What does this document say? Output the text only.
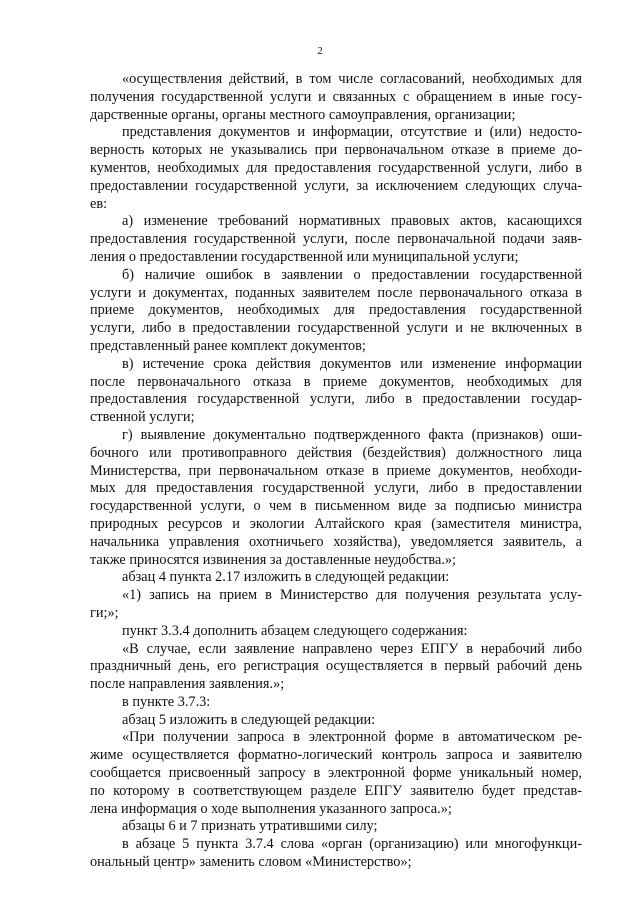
2
«осуществления действий, в том числе согласований, необходимых для
получения государственной услуги и связанных с обращением в иные госу-
дарственные органы, органы местного самоуправления, организации;
представления документов и информации, отсутствие и (или) недосто-
верность которых не указывались при первоначальном отказе в приеме до-
кументов, необходимых для предоставления государственной услуги, либо в
предоставлении государственной услуги, за исключением следующих случа-
ев:
а) изменение требований нормативных правовых актов, касающихся
предоставления государственной услуги, после первоначальной подачи заяв-
ления о предоставлении государственной или муниципальной услуги;
б) наличие ошибок в заявлении о предоставлении государственной
услуги и документах, поданных заявителем после первоначального отказа в
приеме документов, необходимых для предоставления государственной
услуги, либо в предоставлении государственной услуги и не включенных в
представленный ранее комплект документов;
в) истечение срока действия документов или изменение информации
после первоначального отказа в приеме документов, необходимых для
предоставления государственной услуги, либо в предоставлении государ-
ственной услуги;
г) выявление документально подтвержденного факта (признаков) оши-
бочного или противоправного действия (бездействия) должностного лица
Министерства, при первоначальном отказе в приеме документов, необходи-
мых для предоставления государственной услуги, либо в предоставлении
государственной услуги, о чем в письменном виде за подписью министра
природных ресурсов и экологии Алтайского края (заместителя министра,
начальника управления охотничьего хозяйства), уведомляется заявитель, а
также приносятся извинения за доставленные неудобства.»;
абзац 4 пункта 2.17 изложить в следующей редакции:
«1) запись на прием в Министерство для получения результата услу-
ги;»;
пункт 3.3.4 дополнить абзацем следующего содержания:
«В случае, если заявление направлено через ЕПГУ в нерабочий либо
праздничный день, его регистрация осуществляется в первый рабочий день
после направления заявления.»;
в пункте 3.7.3:
абзац 5 изложить в следующей редакции:
«При получении запроса в электронной форме в автоматическом ре-
жиме осуществляется форматно-логический контроль запроса и заявителю
сообщается присвоенный запросу в электронной форме уникальный номер,
по которому в соответствующем разделе ЕПГУ заявителю будет представ-
лена информация о ходе выполнения указанного запроса.»;
абзацы 6 и 7 признать утратившими силу;
в абзаце 5 пункта 3.7.4 слова «орган (организацию) или многофункци-
ональный центр» заменить словом «Министерство»;
